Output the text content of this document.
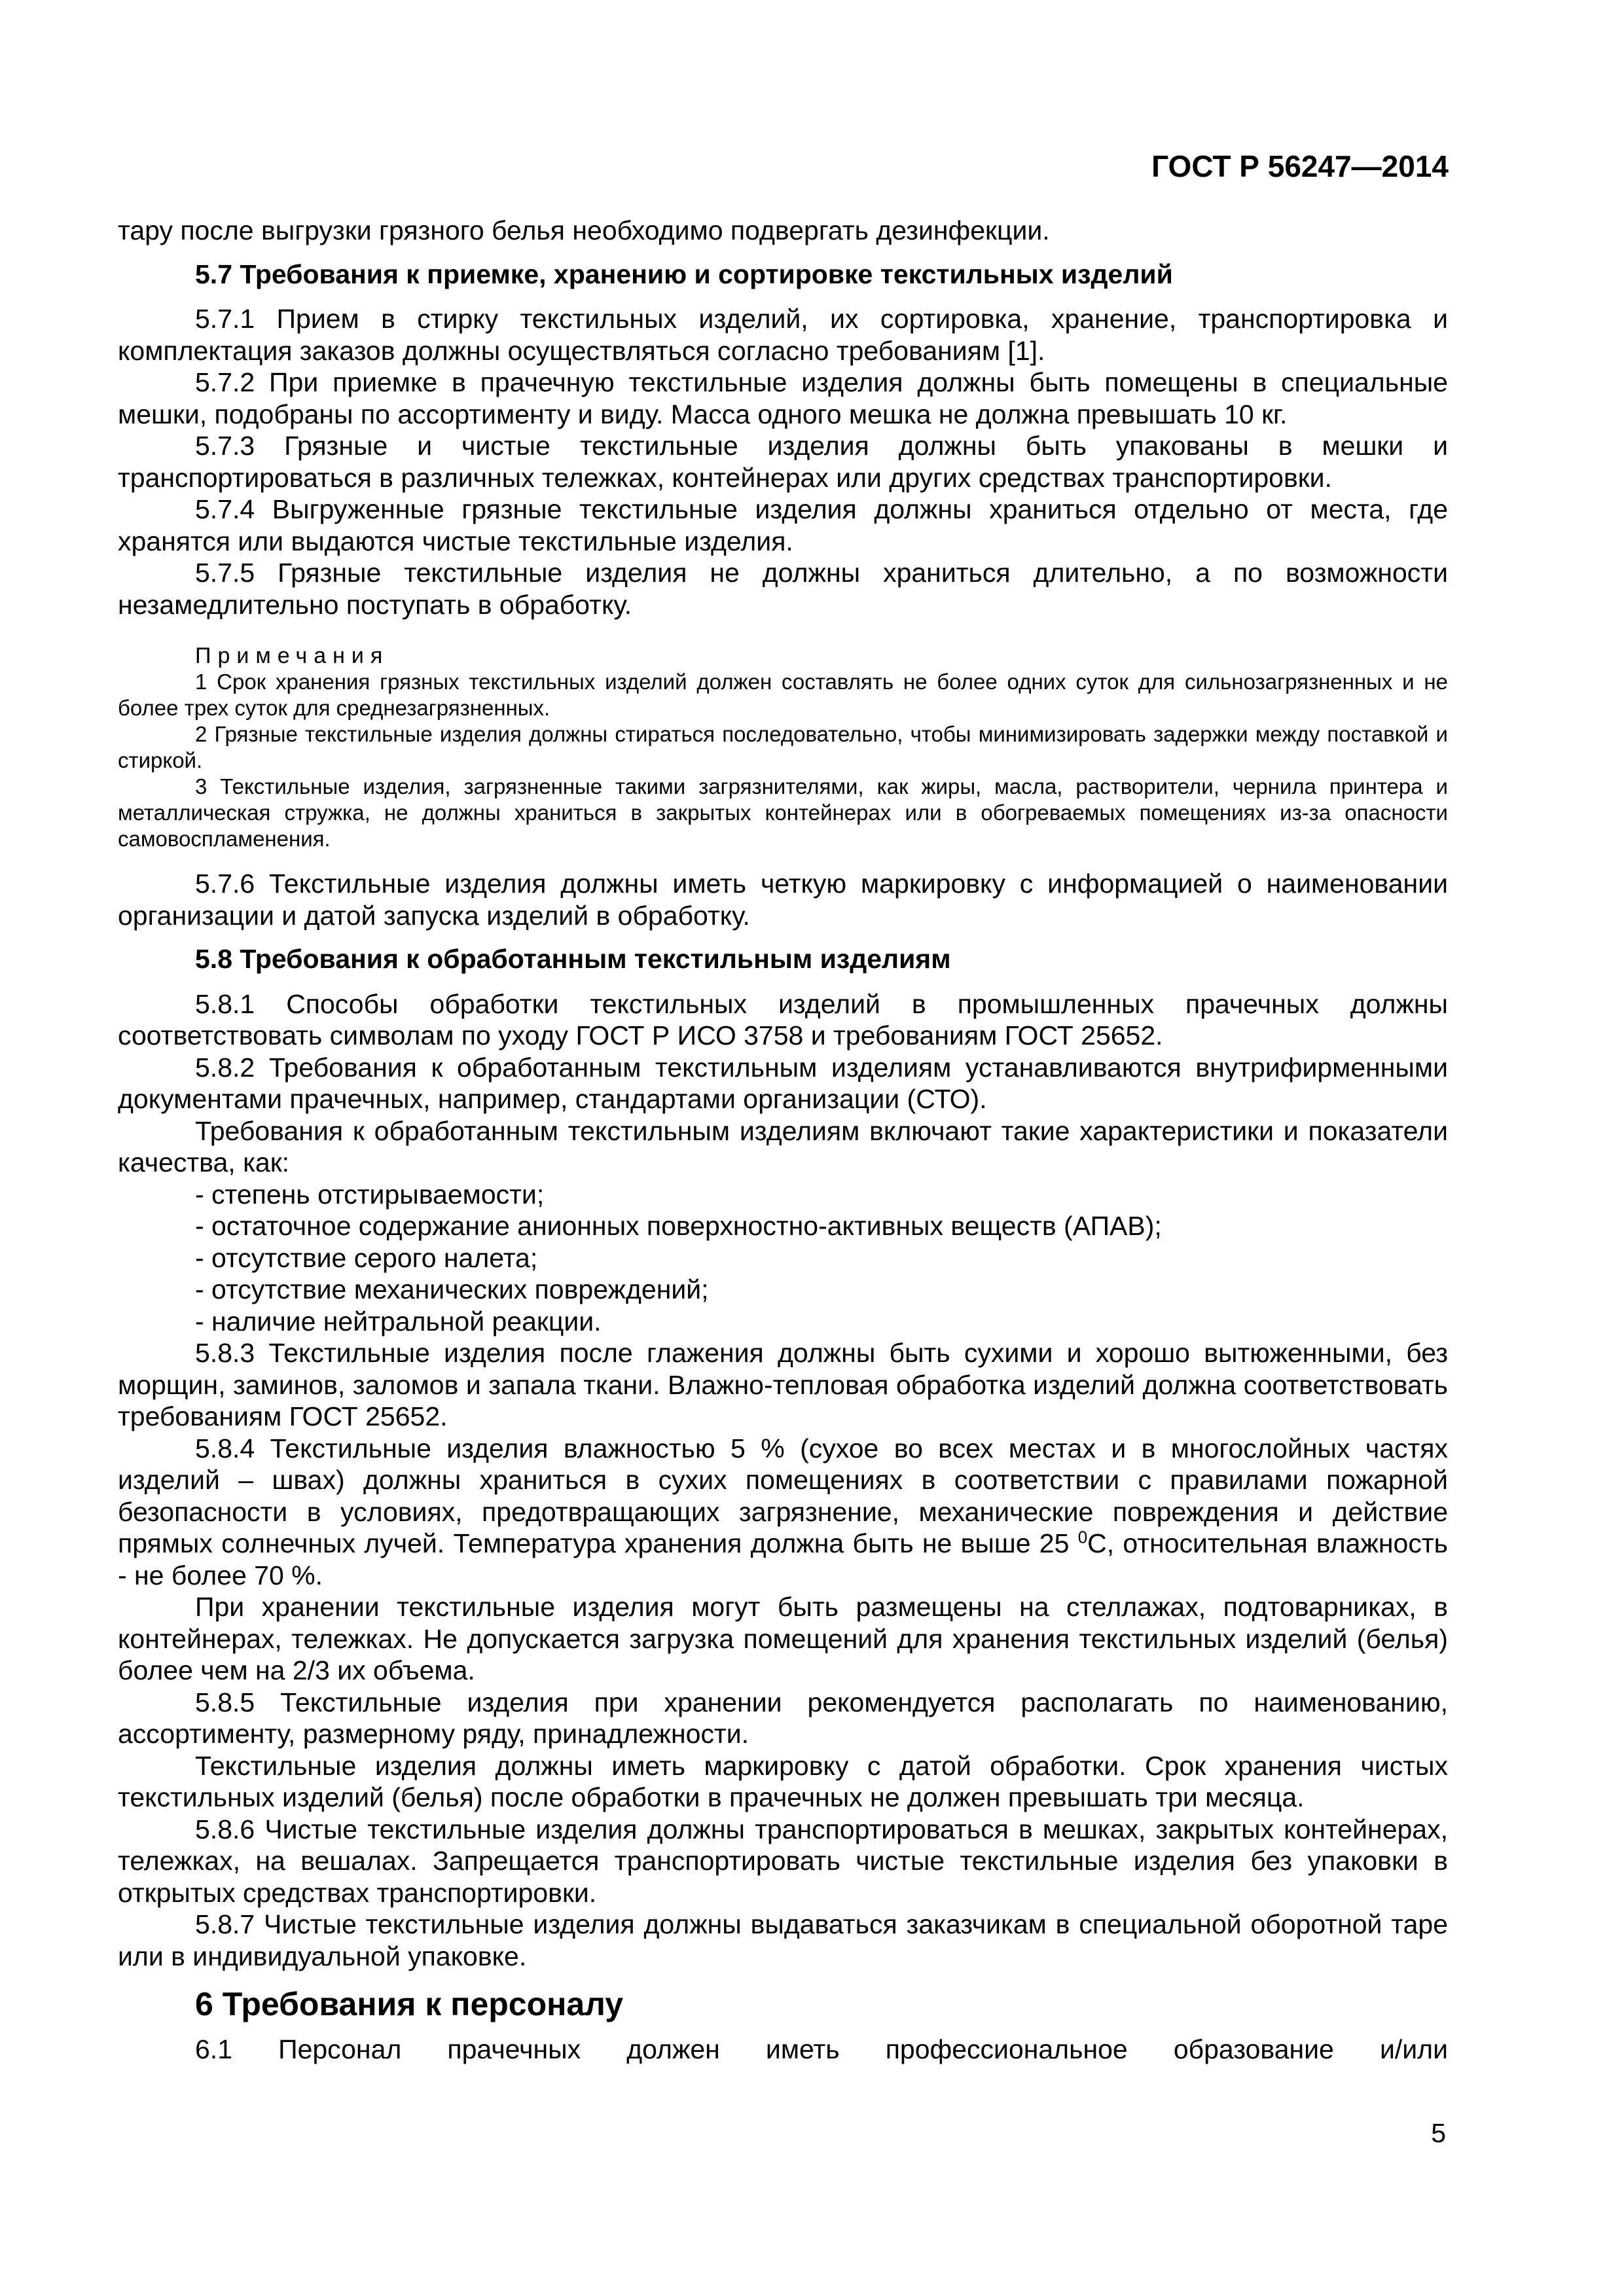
ГОСТ Р 56247—2014

тару после выгрузки грязного белья необходимо подвергать дезинфекции.

5.7 Требования к приемке, хранению и сортировке текстильных изделий

5.7.1 Прием в стирку текстильных изделий, их сортировка, хранение, транспортировка и комплектация заказов должны осуществляться согласно требованиям [1].

5.7.2 При приемке в прачечную текстильные изделия должны быть помещены в специальные мешки, подобраны по ассортименту и виду. Масса одного мешка не должна превышать 10 кг.

5.7.3 Грязные и чистые текстильные изделия должны быть упакованы в мешки и транспортироваться в различных тележках, контейнерах или других средствах транспортировки.

5.7.4 Выгруженные грязные текстильные изделия должны храниться отдельно от места, где хранятся или выдаются чистые текстильные изделия.

5.7.5 Грязные текстильные изделия не должны храниться длительно, а по возможности незамедлительно поступать в обработку.

Примечания

1 Срок хранения грязных текстильных изделий должен составлять не более одних суток для сильнозагрязненных и не более трех суток для среднезагрязненных.

2 Грязные текстильные изделия должны стираться последовательно, чтобы минимизировать задержки между поставкой и стиркой.

3 Текстильные изделия, загрязненные такими загрязнителями, как жиры, масла, растворители, чернила принтера и металлическая стружка, не должны храниться в закрытых контейнерах или в обогреваемых помещениях из-за опасности самовоспламенения.

5.7.6 Текстильные изделия должны иметь четкую маркировку с информацией о наименовании организации и датой запуска изделий в обработку.

5.8 Требования к обработанным текстильным изделиям

5.8.1 Способы обработки текстильных изделий в промышленных прачечных должны соответствовать символам по уходу ГОСТ Р ИСО 3758 и требованиям ГОСТ 25652.

5.8.2 Требования к обработанным текстильным изделиям устанавливаются внутрифирменными документами прачечных, например, стандартами организации (СТО).

Требования к обработанным текстильным изделиям включают такие характеристики и показатели качества, как:

- степень отстирываемости;

- остаточное содержание анионных поверхностно-активных веществ (АПАВ);

- отсутствие серого налета;

- отсутствие механических повреждений;

- наличие нейтральной реакции.

5.8.3 Текстильные изделия после глажения должны быть сухими и хорошо вытюженными, без морщин, заминов, заломов и запала ткани. Влажно-тепловая обработка изделий должна соответствовать требованиям ГОСТ 25652.

5.8.4 Текстильные изделия влажностью 5 % (сухое во всех местах и в многослойных частях изделий – швах) должны храниться в сухих помещениях в соответствии с правилами пожарной безопасности в условиях, предотвращающих загрязнение, механические повреждения и действие прямых солнечных лучей. Температура хранения должна быть не выше 25 $^0$С, относительная влажность - не более 70 %.

При хранении текстильные изделия могут быть размещены на стеллажах, подтоварниках, в контейнерах, тележках. Не допускается загрузка помещений для хранения текстильных изделий (белья) более чем на 2/3 их объема.

5.8.5 Текстильные изделия при хранении рекомендуется располагать по наименованию, ассортименту, размерному ряду, принадлежности.

Текстильные изделия должны иметь маркировку с датой обработки. Срок хранения чистых текстильных изделий (белья) после обработки в прачечных не должен превышать три месяца.

5.8.6 Чистые текстильные изделия должны транспортироваться в мешках, закрытых контейнерах, тележках, на вешалах. Запрещается транспортировать чистые текстильные изделия без упаковки в открытых средствах транспортировки.

5.8.7 Чистые текстильные изделия должны выдаваться заказчикам в специальной оборотной таре или в индивидуальной упаковке.

6 Требования к персоналу

6.1 Персонал прачечных должен иметь профессиональное образование и/или

5
